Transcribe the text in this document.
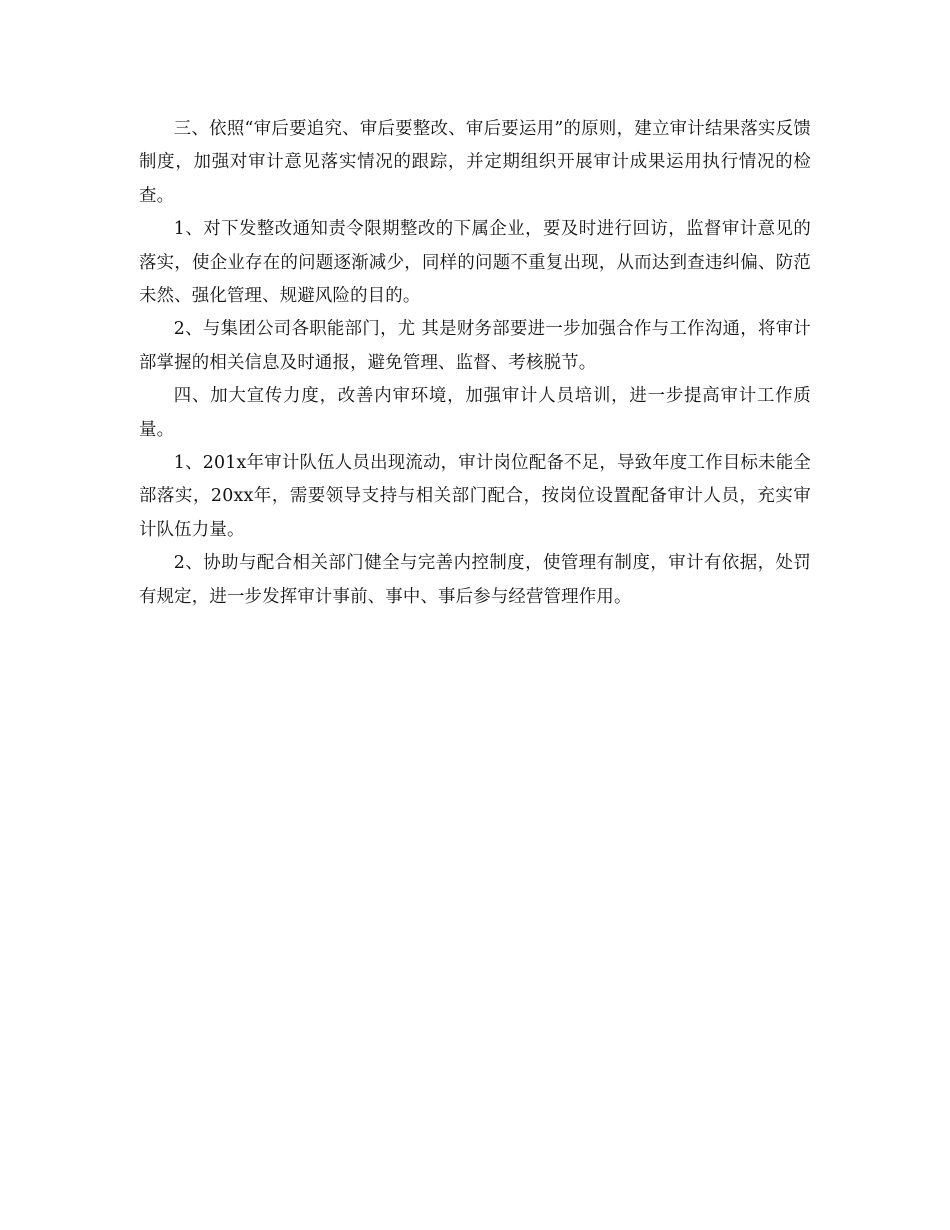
三、依照“审后要追究、审后要整改、审后要运用”的原则，建立审计结果落实反馈制度，加强对审计意见落实情况的跟踪，并定期组织开展审计成果运用执行情况的检查。

1、对下发整改通知责令限期整改的下属企业，要及时进行回访，监督审计意见的落实，使企业存在的问题逐渐减少，同样的问题不重复出现，从而达到查违纠偏、防范未然、强化管理、规避风险的目的。

2、与集团公司各职能部门，尤 其是财务部要进一步加强合作与工作沟通，将审计部掌握的相关信息及时通报，避免管理、监督、考核脱节。

四、加大宣传力度，改善内审环境，加强审计人员培训，进一步提高审计工作质量。

1、201x年审计队伍人员出现流动，审计岗位配备不足，导致年度工作目标未能全部落实，20xx年，需要领导支持与相关部门配合，按岗位设置配备审计人员，充实审计队伍力量。

2、协助与配合相关部门健全与完善内控制度，使管理有制度，审计有依据，处罚有规定，进一步发挥审计事前、事中、事后参与经营管理作用。
